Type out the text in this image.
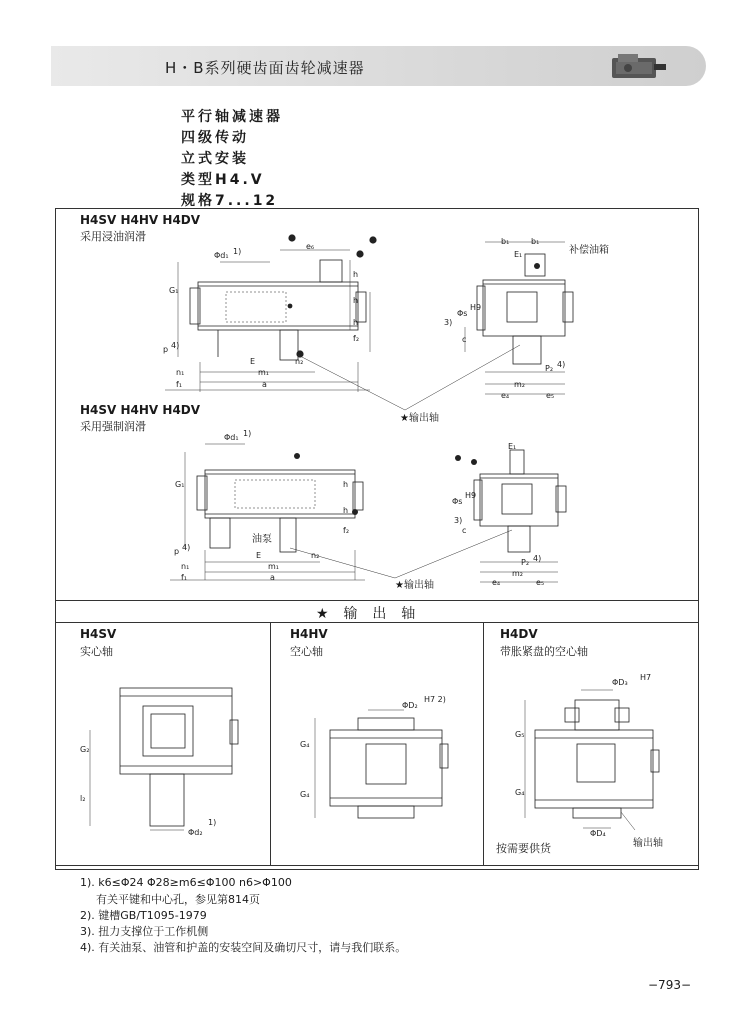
H・B系列硬齿面齿轮减速器
平行轴减速器
四级传动
立式安装
类型H4.V
规格7...12
H4SV H4HV H4DV
采用浸油润滑
Φd₁ 1)
e₆
G₁
h
h
h
f₂
p 4)
E	n₂
n₁	m₁
f₁	a
b₁	b₁
补偿油箱
E₁
3)
Φs
H9
c
P₂ 4)
m₂
e₄	e₅
★输出轴
H4SV H4HV H4DV
采用强制润滑
Φd₁ 1)
G₁	h
h
f₂
油泵
p 4)
E	n₂
n₁	m₁
f₁	a
E₁
Φs
H9
3)
c
P₂ 4)
m₂
e₄	e₅
★输出轴
★  输  出  轴
H4SV
实心轴
G₂
l₂
Φd₂
1)
H4HV
空心轴
ΦD₂
H7 2)
G₄
G₄
H4DV
带胀紧盘的空心轴
ΦD₃
H7
G₅
G₄
ΦD₄
输出轴
按需要供货
1). k6≤Φ24 Φ28≥m6≤Φ100 n6>Φ100
有关平键和中心孔，参见第814页
2). 键槽GB/T1095-1979
3). 扭力支撑位于工作机侧
4). 有关油泵、油管和护盖的安装空间及确切尺寸，请与我们联系。
−793−
